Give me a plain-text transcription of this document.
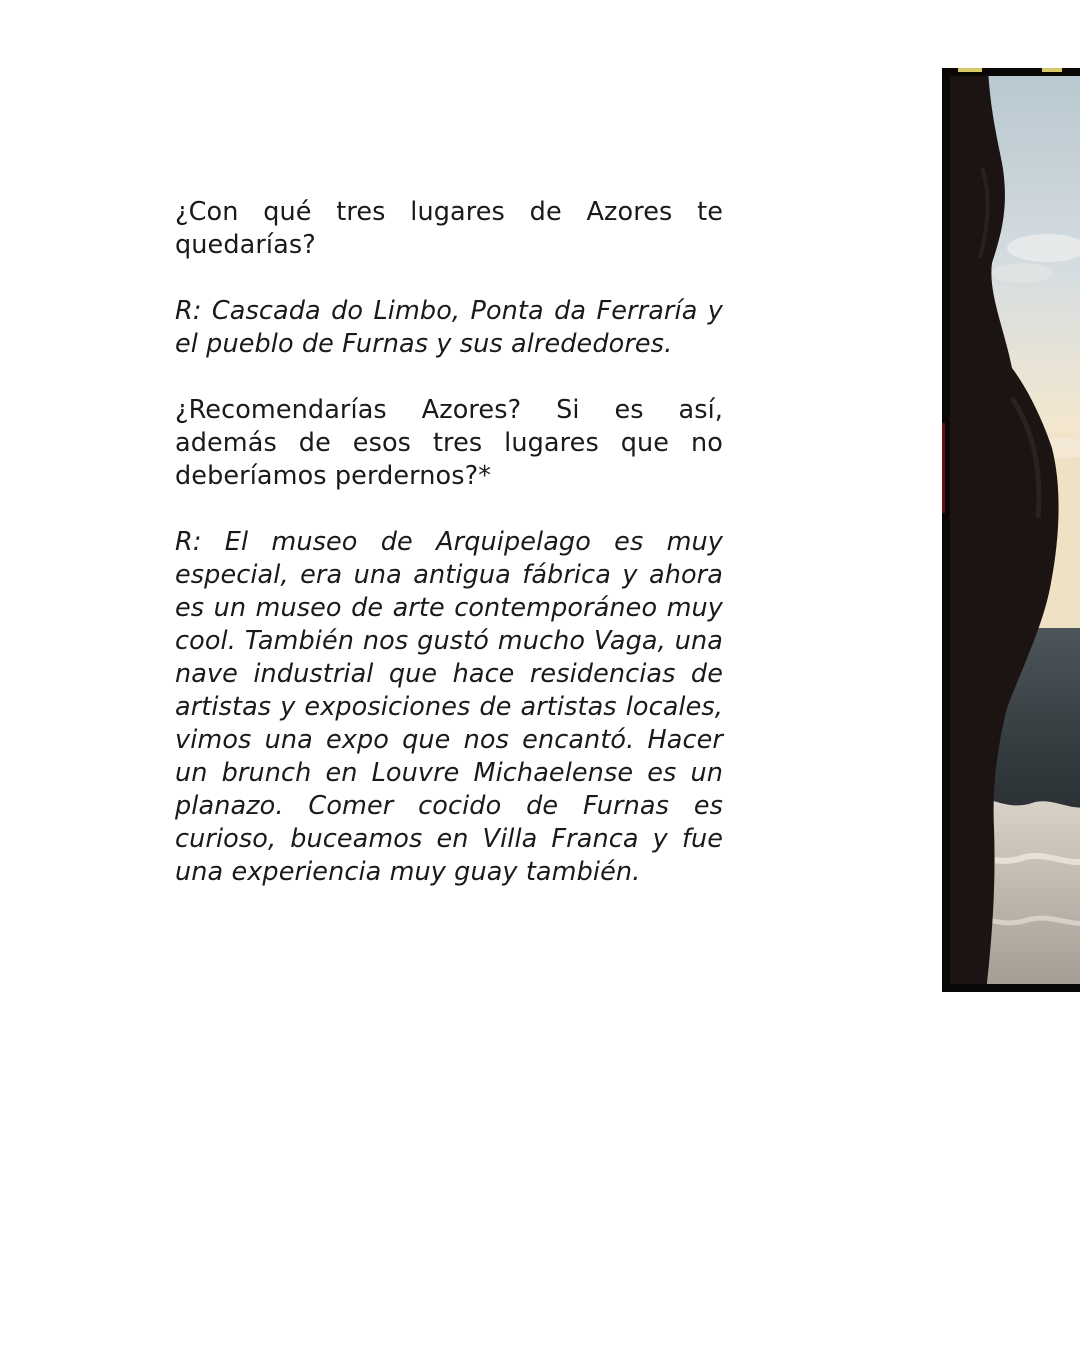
¿Con qué tres lugares de Azores te quedarías?

R: Cascada do Limbo, Ponta da Ferraría y el pueblo de Furnas y sus alrededores.

¿Recomendarías Azores? Si es así, además de esos tres lugares que no deberíamos perdernos?*

R: El museo de Arquipelago es muy especial, era una antigua fábrica y ahora es un museo de arte contemporáneo muy cool. También nos gustó mucho Vaga, una nave industrial que hace residencias de artistas y exposiciones de artistas locales, vimos una expo que nos encantó. Hacer un brunch en Louvre Michaelense es un planazo. Comer cocido de Furnas es curioso, buceamos en Villa Franca y fue una experiencia muy guay también.
